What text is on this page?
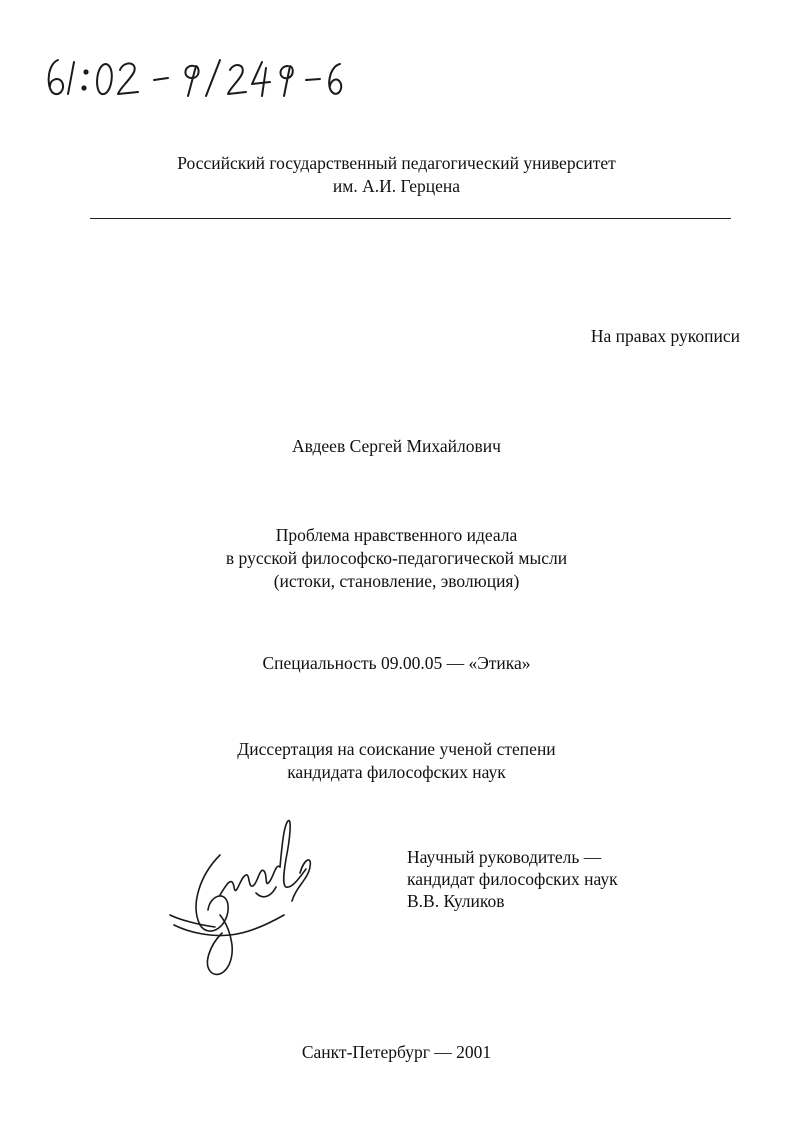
Российский государственный педагогический университет
им. А.И. Герцена
На правах рукописи
Авдеев Сергей Михайлович
Проблема нравственного идеала
в русской философско-педагогической мысли
(истоки, становление, эволюция)
Специальность 09.00.05 — «Этика»
Диссертация на соискание ученой степени
кандидата философских наук
Научный руководитель —
кандидат философских наук
В.В. Куликов
Санкт-Петербург — 2001
